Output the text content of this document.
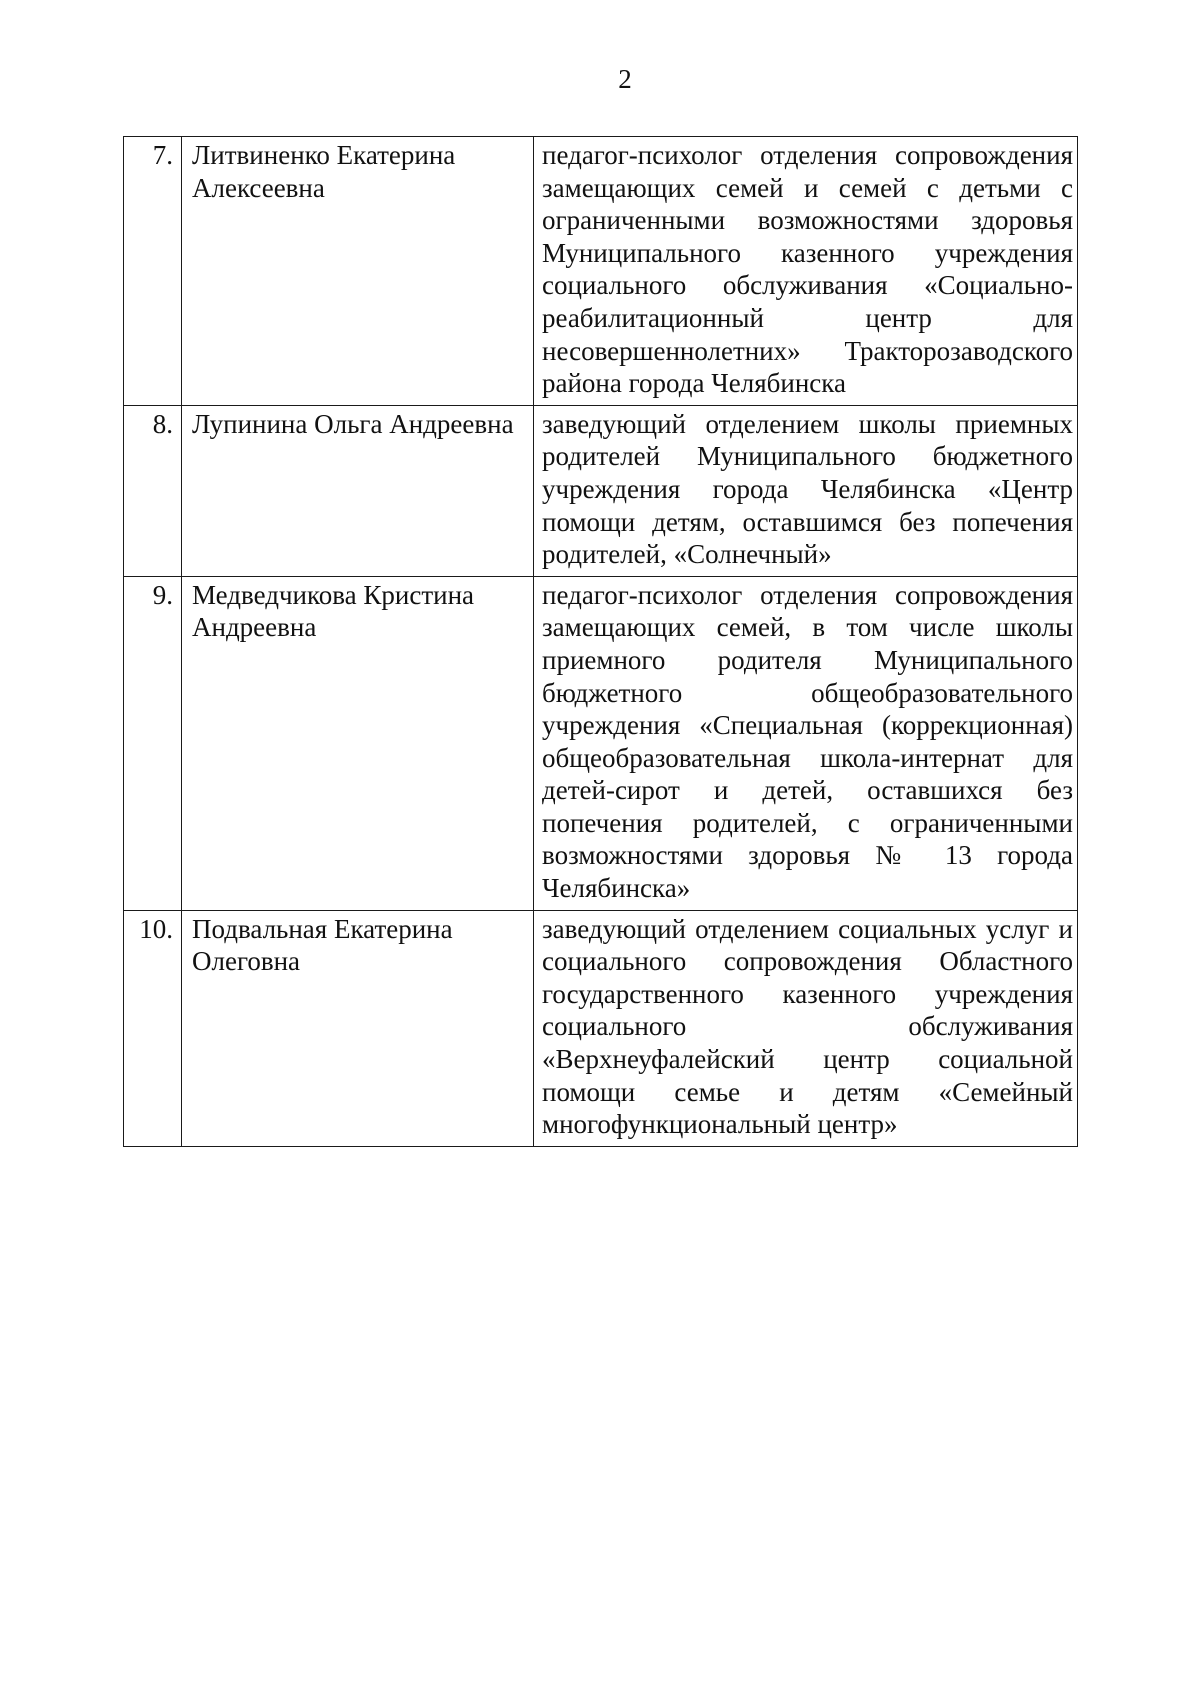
2
7.	Литвиненко Екатерина Алексеевна	педагог-психолог отделения сопровождения замещающих семей и семей с детьми с ограниченными возможностями здоровья Муниципального казенного учреждения социального обслуживания «Социально-реабилитационный центр для несовершеннолетних» Тракторозаводского района города Челябинска
8.	Лупинина Ольга Андреевна	заведующий отделением школы приемных родителей Муниципального бюджетного учреждения города Челябинска «Центр помощи детям, оставшимся без попечения родителей, «Солнечный»
9.	Медведчикова Кристина Андреевна	педагог-психолог отделения сопровождения замещающих семей, в том числе школы приемного родителя Муниципального бюджетного общеобразовательного учреждения «Специальная (коррекционная) общеобразовательная школа-интернат для детей-сирот и детей, оставшихся без попечения родителей, с ограниченными возможностями здоровья № 13 города Челябинска»
10.	Подвальная Екатерина Олеговна	заведующий отделением социальных услуг и социального сопровождения Областного государственного казенного учреждения социального обслуживания «Верхнеуфалейский центр социальной помощи семье и детям «Семейный многофункциональный центр»
